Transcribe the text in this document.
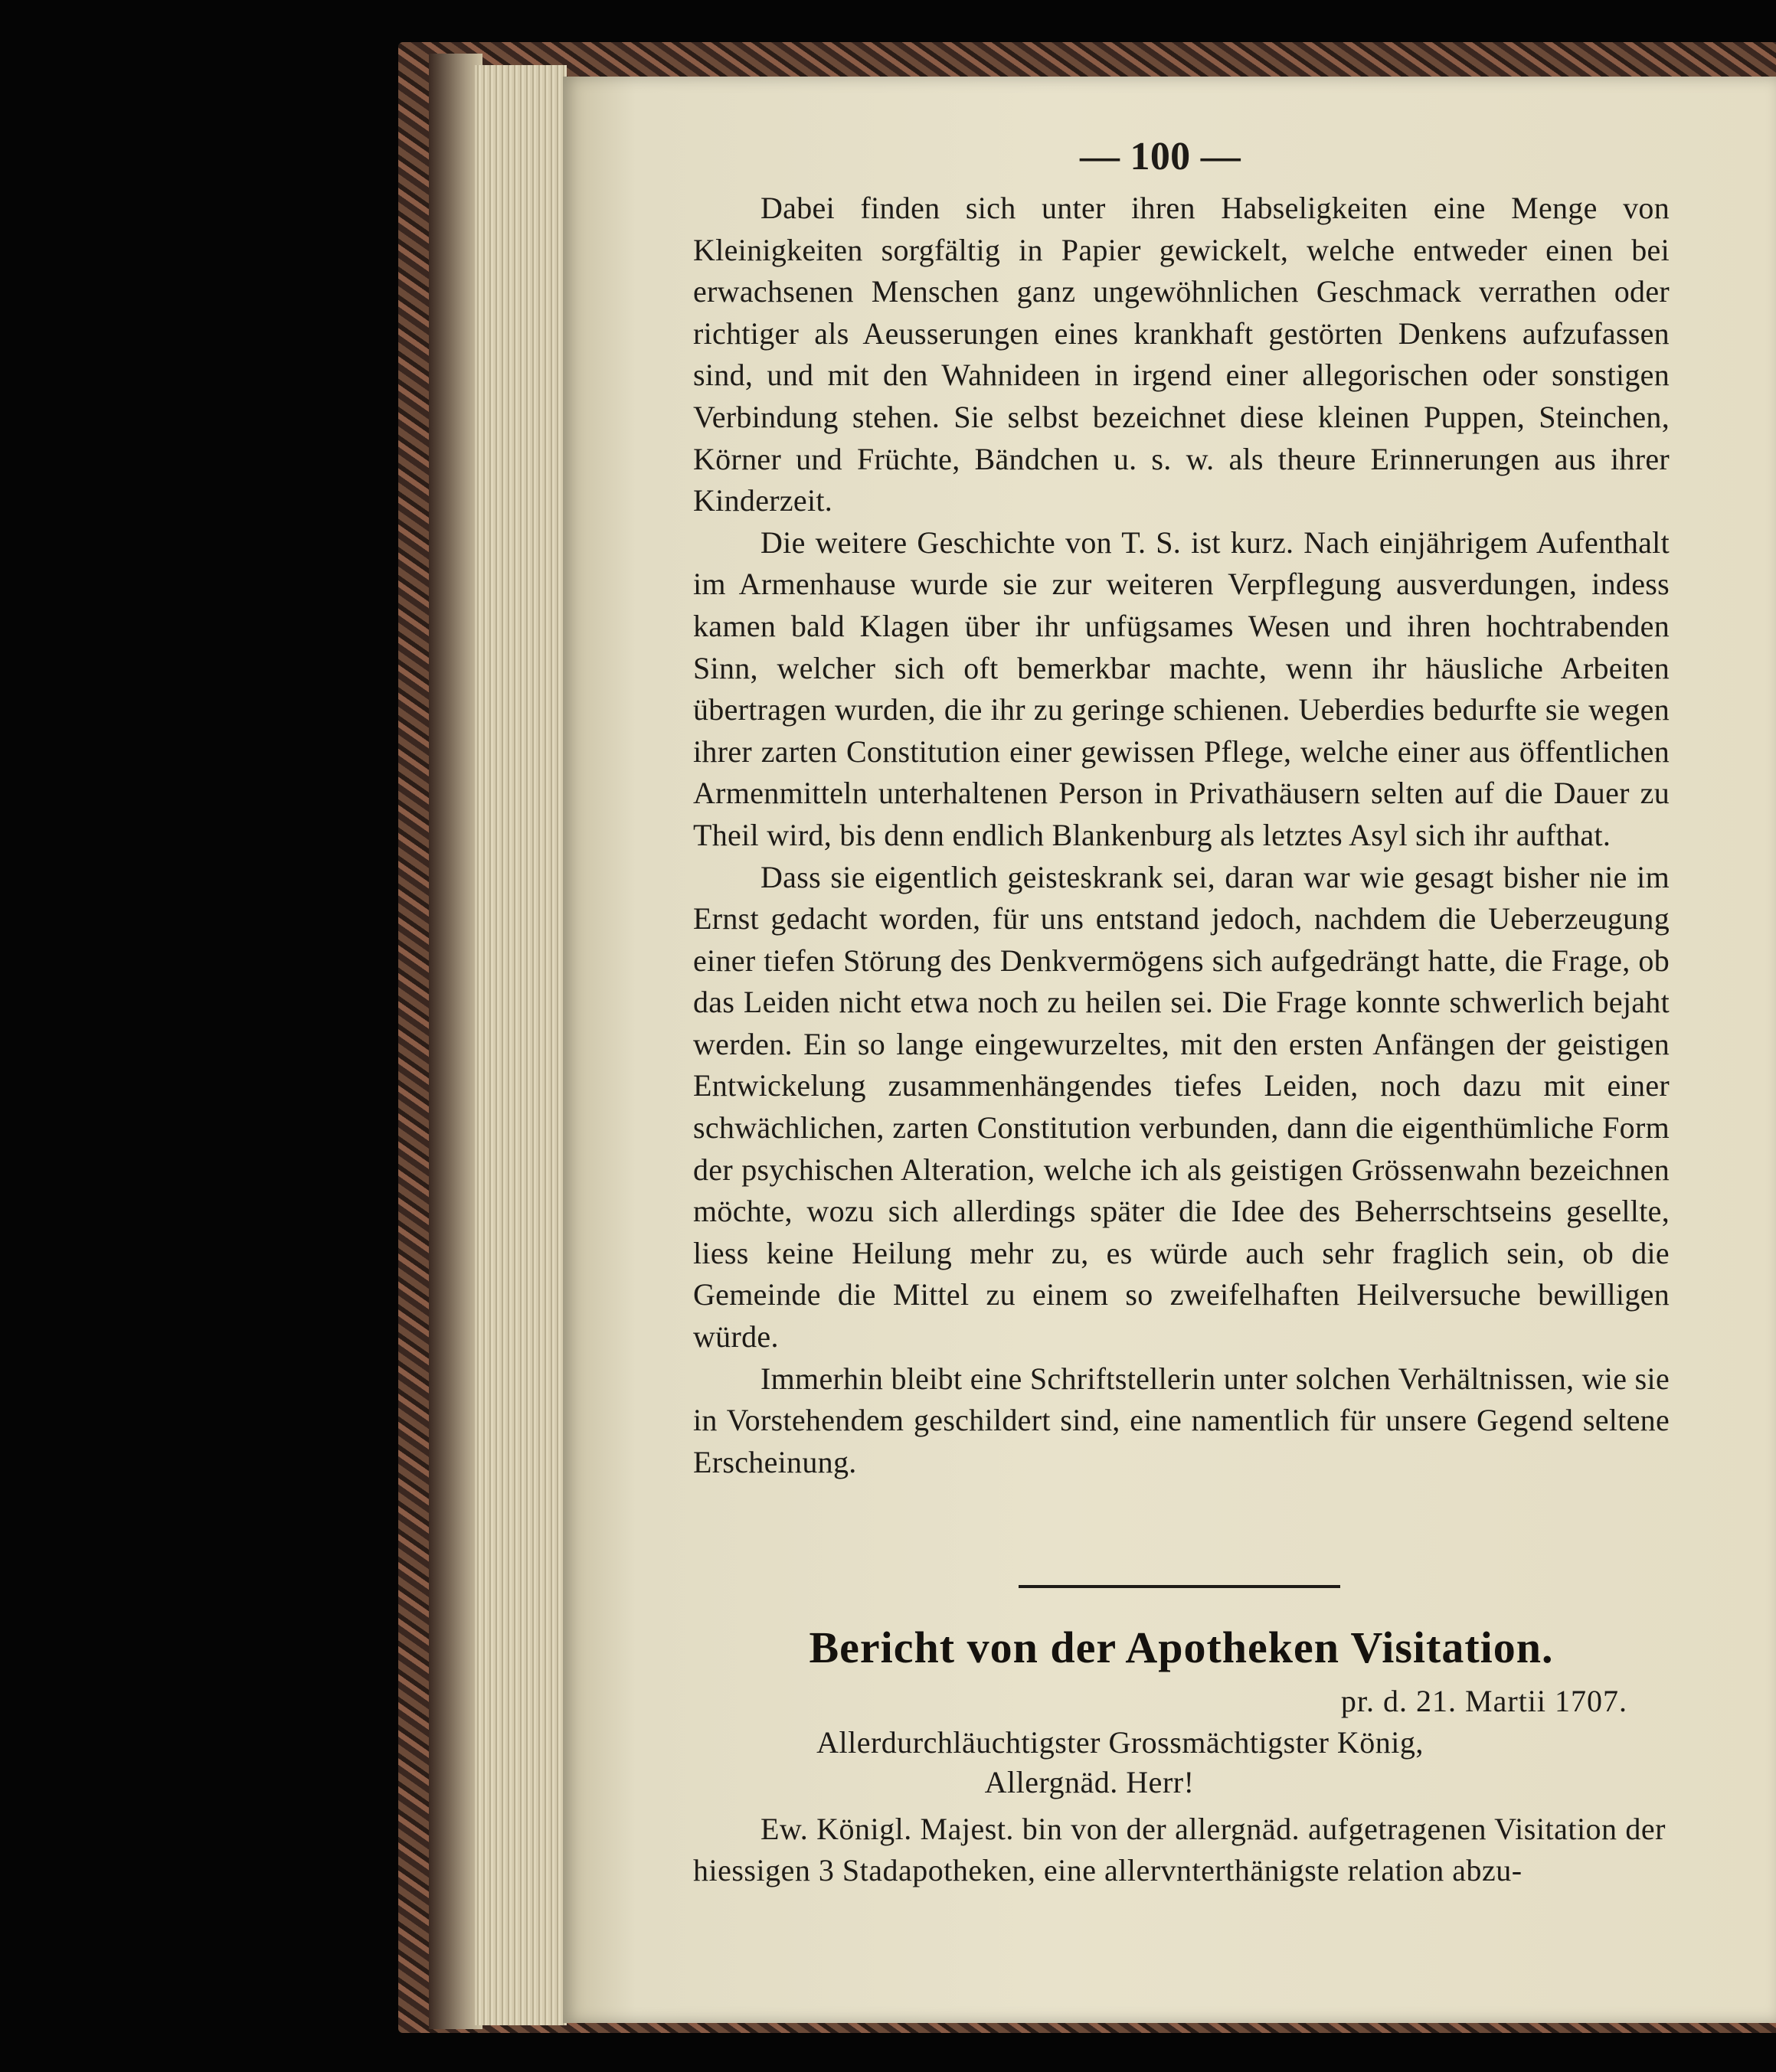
— 100 —

Dabei finden sich unter ihren Habseligkeiten eine Menge von Kleinigkeiten sorgfältig in Papier gewickelt, welche entweder einen bei erwachsenen Menschen ganz ungewöhnlichen Geschmack verrathen oder richtiger als Aeusserungen eines krankhaft gestörten Denkens aufzufassen sind, und mit den Wahnideen in irgend einer allegorischen oder sonstigen Verbindung stehen. Sie selbst bezeichnet diese kleinen Puppen, Steinchen, Körner und Früchte, Bändchen u. s. w. als theure Erinnerungen aus ihrer Kinderzeit.

Die weitere Geschichte von T. S. ist kurz. Nach einjährigem Aufenthalt im Armenhause wurde sie zur weiteren Verpflegung ausverdungen, indess kamen bald Klagen über ihr unfügsames Wesen und ihren hochtrabenden Sinn, welcher sich oft bemerkbar machte, wenn ihr häusliche Arbeiten übertragen wurden, die ihr zu geringe schienen. Ueberdies bedurfte sie wegen ihrer zarten Constitution einer gewissen Pflege, welche einer aus öffentlichen Armenmitteln unterhaltenen Person in Privathäusern selten auf die Dauer zu Theil wird, bis denn endlich Blankenburg als letztes Asyl sich ihr aufthat.

Dass sie eigentlich geisteskrank sei, daran war wie gesagt bisher nie im Ernst gedacht worden, für uns entstand jedoch, nachdem die Ueberzeugung einer tiefen Störung des Denkvermögens sich aufgedrängt hatte, die Frage, ob das Leiden nicht etwa noch zu heilen sei. Die Frage konnte schwerlich bejaht werden. Ein so lange eingewurzeltes, mit den ersten Anfängen der geistigen Entwickelung zusammenhängendes tiefes Leiden, noch dazu mit einer schwächlichen, zarten Constitution verbunden, dann die eigenthümliche Form der psychischen Alteration, welche ich als geistigen Grössenwahn bezeichnen möchte, wozu sich allerdings später die Idee des Beherrschtseins gesellte, liess keine Heilung mehr zu, es würde auch sehr fraglich sein, ob die Gemeinde die Mittel zu einem so zweifelhaften Heilversuche bewilligen würde.

Immerhin bleibt eine Schriftstellerin unter solchen Verhältnissen, wie sie in Vorstehendem geschildert sind, eine namentlich für unsere Gegend seltene Erscheinung.

Bericht von der Apotheken Visitation.
pr. d. 21. Martii 1707.
Allerdurchläuchtigster Grossmächtigster König,
Allergnäd. Herr!
Ew. Königl. Majest. bin von der allergnäd. aufgetragenen Visitation der hiessigen 3 Stadapotheken, eine allervnterthänigste relation abzu-
